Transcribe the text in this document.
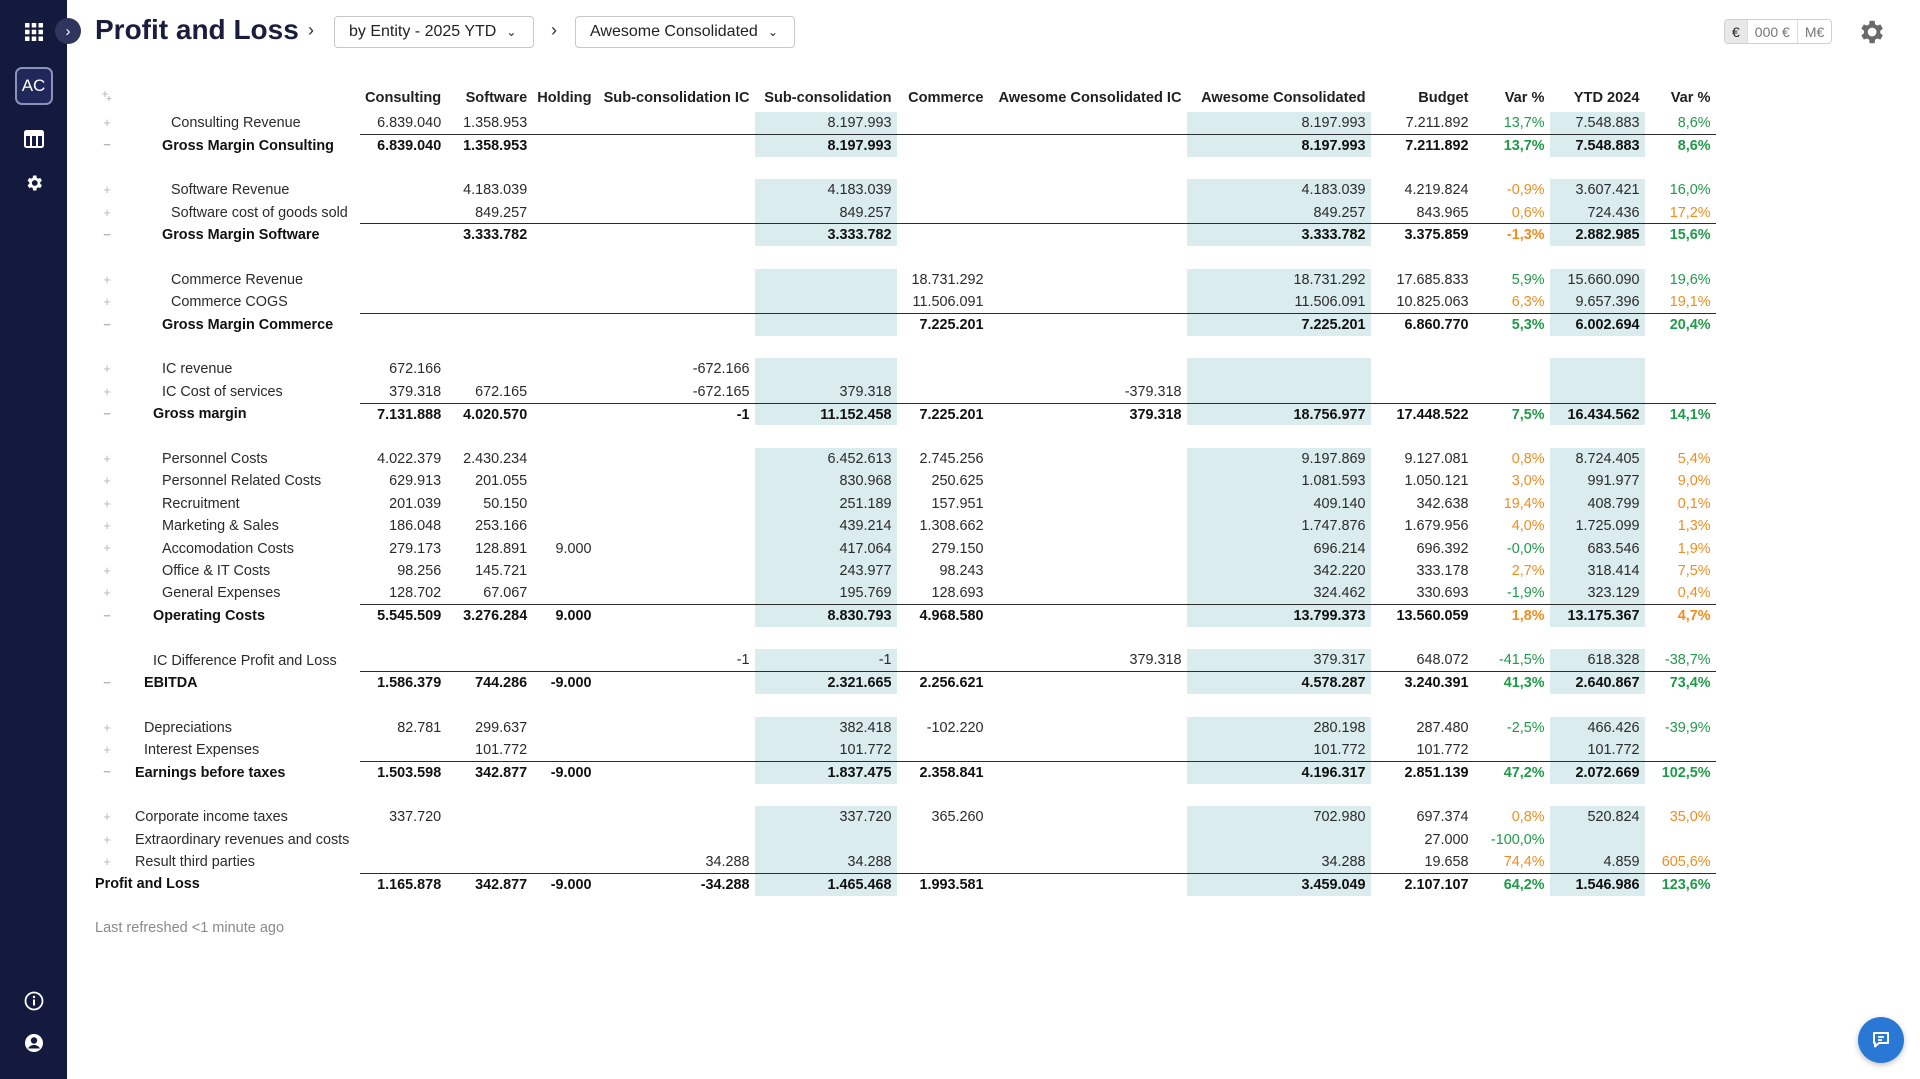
AC
› Profit and Loss › by Entity - 2025 YTD ⌄ › Awesome Consolidated ⌄	€	000 €	M€
	Consulting	Software	Holding	Sub-consolidation IC	Sub-consolidation	Commerce	Awesome Consolidated IC	Awesome Consolidated	Budget	Var %	YTD 2024	Var %

+ Consulting Revenue	6.839.040	1.358.953			8.197.993			8.197.993	7.211.892	13,7%	7.548.883	8,6%

− Gross Margin Consulting	6.839.040	1.358.953			8.197.993			8.197.993	7.211.892	13,7%	7.548.883	8,6%

+ Software Revenue		4.183.039			4.183.039			4.183.039	4.219.824	-0,9%	3.607.421	16,0%

+ Software cost of goods sold		849.257			849.257			849.257	843.965	0,6%	724.436	17,2%

− Gross Margin Software		3.333.782			3.333.782			3.333.782	3.375.859	-1,3%	2.882.985	15,6%

+ Commerce Revenue						18.731.292		18.731.292	17.685.833	5,9%	15.660.090	19,6%

+ Commerce COGS						11.506.091		11.506.091	10.825.063	6,3%	9.657.396	19,1%

− Gross Margin Commerce						7.225.201		7.225.201	6.860.770	5,3%	6.002.694	20,4%

+ IC revenue	672.166			-672.166								

+ IC Cost of services	379.318	672.165		-672.165	379.318		-379.318					

− Gross margin	7.131.888	4.020.570		-1	11.152.458	7.225.201	379.318	18.756.977	17.448.522	7,5%	16.434.562	14,1%

+ Personnel Costs	4.022.379	2.430.234			6.452.613	2.745.256		9.197.869	9.127.081	0,8%	8.724.405	5,4%

+ Personnel Related Costs	629.913	201.055			830.968	250.625		1.081.593	1.050.121	3,0%	991.977	9,0%

+ Recruitment	201.039	50.150			251.189	157.951		409.140	342.638	19,4%	408.799	0,1%

+ Marketing & Sales	186.048	253.166			439.214	1.308.662		1.747.876	1.679.956	4,0%	1.725.099	1,3%

+ Accomodation Costs	279.173	128.891	9.000		417.064	279.150		696.214	696.392	-0,0%	683.546	1,9%

+ Office & IT Costs	98.256	145.721			243.977	98.243		342.220	333.178	2,7%	318.414	7,5%

+ General Expenses	128.702	67.067			195.769	128.693		324.462	330.693	-1,9%	323.129	0,4%

− Operating Costs	5.545.509	3.276.284	9.000		8.830.793	4.968.580		13.799.373	13.560.059	1,8%	13.175.367	4,7%

IC Difference Profit and Loss				-1	-1		379.318	379.317	648.072	-41,5%	618.328	-38,7%

− EBITDA	1.586.379	744.286	-9.000		2.321.665	2.256.621		4.578.287	3.240.391	41,3%	2.640.867	73,4%

+ Depreciations	82.781	299.637			382.418	-102.220		280.198	287.480	-2,5%	466.426	-39,9%

+ Interest Expenses		101.772			101.772			101.772	101.772		101.772	

− Earnings before taxes	1.503.598	342.877	-9.000		1.837.475	2.358.841		4.196.317	2.851.139	47,2%	2.072.669	102,5%

+ Corporate income taxes	337.720				337.720	365.260		702.980	697.374	0,8%	520.824	35,0%

+ Extraordinary revenues and costs									27.000	-100,0%		

+ Result third parties				34.288	34.288			34.288	19.658	74,4%	4.859	605,6%
Profit and Loss	1.165.878	342.877	-9.000	-34.288	1.465.468	1.993.581		3.459.049	2.107.107	64,2%	1.546.986	123,6%
Last refreshed <1 minute ago
